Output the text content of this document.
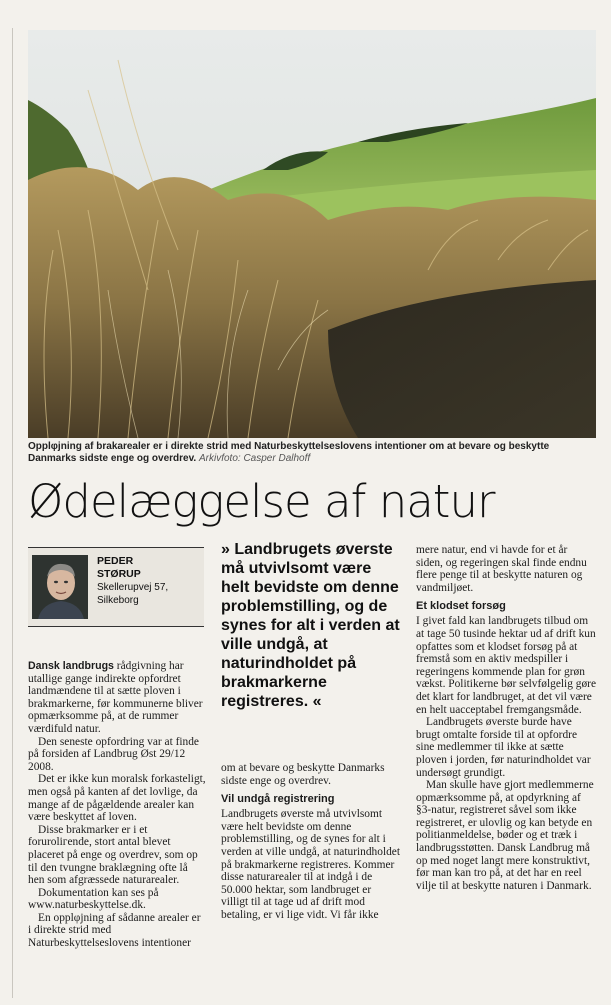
Opplφjning af brakarealer er i direkte strid med Naturbeskyttelseslovens intentioner om at bevare og beskytte Danmarks sidste enge og overdrev. Arkivfoto: Casper Dalhoff
Ødelæggelse af natur
PEDER
STØRUP
Skellerupvej 57,
Silkeborg
» Landbrugets øverste må utvivlsomt være helt bevidste om denne problemstilling, og de synes for alt i verden at ville undgå, at naturindholdet på brakmarkerne registreres. «

Dansk landbrugs rådgivning har utallige gange indirekte opfordret landmændene til at sætte ploven i brakmarkerne, før kommunerne bliver opmærksomme på, at de rummer værdifuld natur.

Den seneste opfordring var at finde på forsiden af Landbrug Øst 29/12 2008.

Det er ikke kun moralsk forkasteligt, men også på kanten af det lovlige, da mange af de pågældende arealer kan være beskyttet af loven.

Disse brakmarker er i et forurolігende, stort antal blevet placeret på enge og overdrev, som op til den tvungne braklægning ofte lå hen som afgræssede naturarealer.

Dokumentation kan ses på www.naturbeskyttelse.dk.

En opplφjning af sådanne arealer er i direkte strid med Naturbeskyttelseslovens intentioner

om at bevare og beskytte Danmarks sidste enge og overdrev.

Vil undgå registrering

Landbrugets øverste må utvivlsomt være helt bevidste om denne problemstilling, og de synes for alt i verden at ville undgå, at naturindholdet på brakmarkerne registreres. Kommer disse naturarealer til at indgå i de 50.000 hektar, som landbruget er villigt til at tage ud af drift mod betaling, er vi lige vidt. Vi får ikke

mere natur, end vi havde for et år siden, og regeringen skal finde endnu flere penge til at beskytte naturen og vandmiljøet.

Et klodset forsøg

I givet fald kan landbrugets tilbud om at tage 50 tusinde hektar ud af drift kun opfattes som et klodset forsøg på at fremstå som en aktiv medspiller i regeringens kommende plan for grøn vækst. Politikerne bør selvfølgelig gøre det klart for landbruget, at det vil være en helt uacceptabel fremgangsmåde.

Landbrugets øverste burde have brugt omtalte forside til at opfordre sine medlemmer til ikke at sætte ploven i jorden, før naturindholdet var undersøgt grundigt.

Man skulle have gjort medlemmerne opmærksomme på, at opdyrkning af §3-natur, registreret såvel som ikke registreret, er ulovlig og kan betyde en politianmeldelse, bøder og et træk i landbrugsstøtten. Dansk Landbrug må op med noget langt mere konstruktivt, før man kan tro på, at det har en reel vilje til at beskytte naturen i Danmark.
